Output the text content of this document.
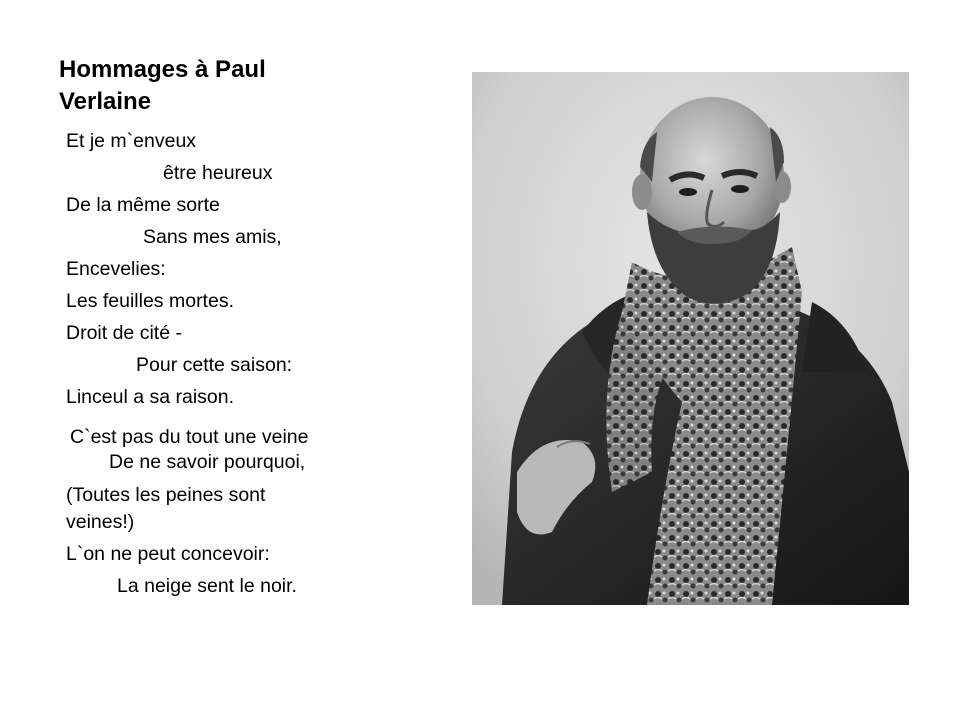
Hommages à Paul Verlaine
Et je m`enveux
être heureux
De la même sorte
Sans mes amis,
Encevelies:
Les feuilles mortes.
Droit de cité -
Pour cette saison:
Linceul a sa raison.
C`est pas du tout une veine
De ne savoir pourquoi,
(Toutes les peines sont
veines!)
L`on ne peut concevoir:
La neige sent le noir.
